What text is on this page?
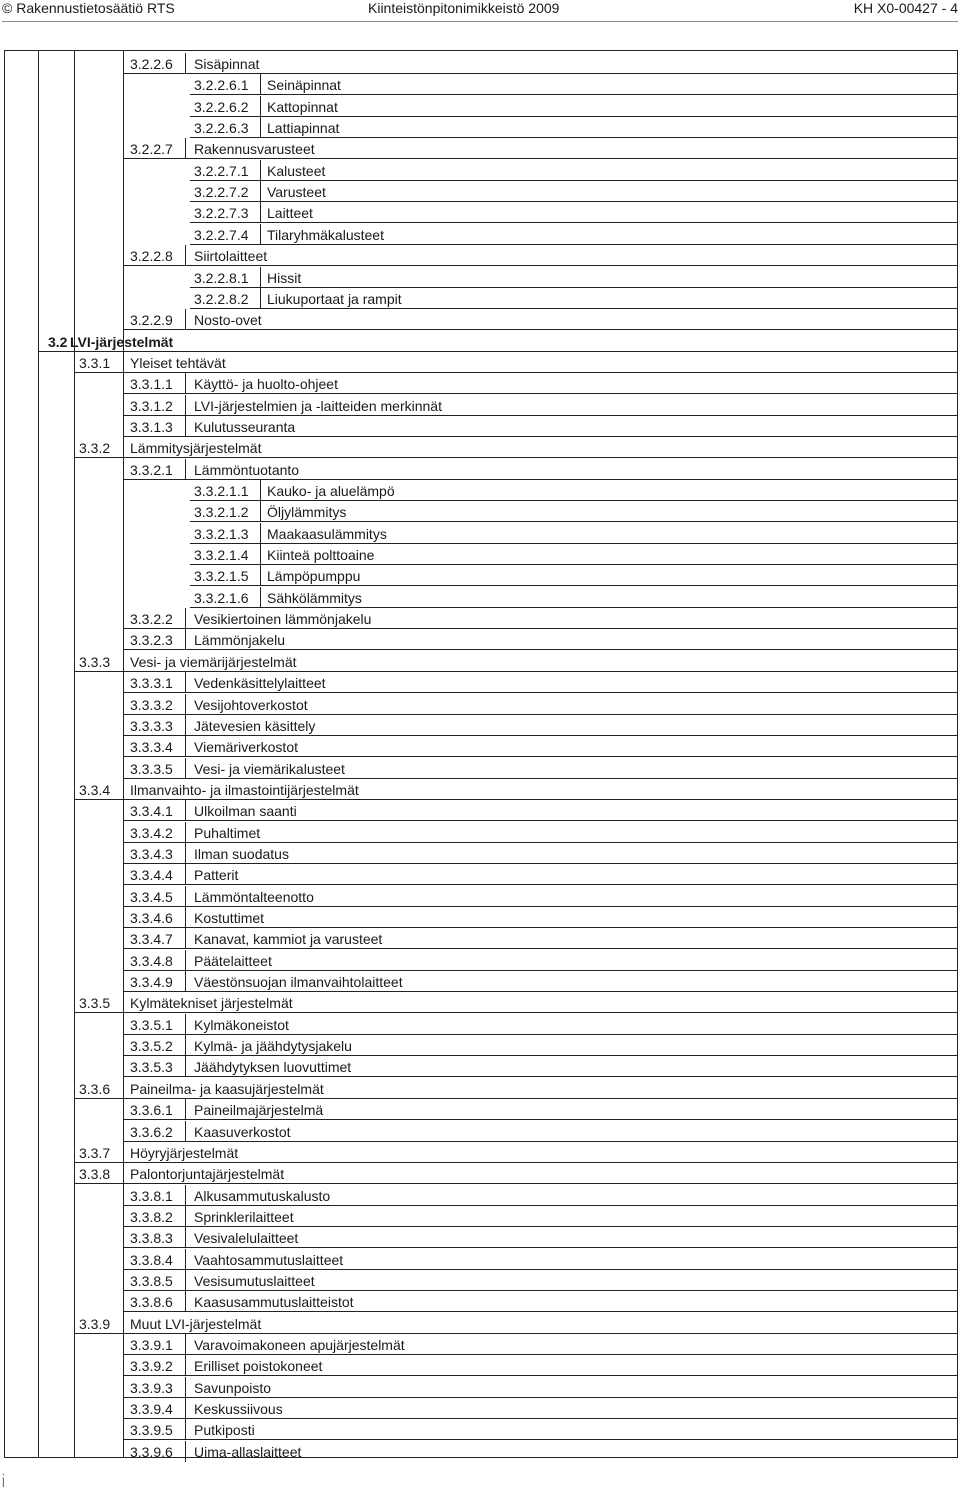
© Rakennustietosäätiö RTS	Kiinteistönpitonimikkeistö 2009	KH X0-00427 - 4
3.2.2.6 Sisäpinnat
3.2.2.6.1 Seinäpinnat
3.2.2.6.2 Kattopinnat
3.2.2.6.3 Lattiapinnat
3.2.2.7 Rakennusvarusteet
3.2.2.7.1 Kalusteet
3.2.2.7.2 Varusteet
3.2.2.7.3 Laitteet
3.2.2.7.4 Tilaryhmäkalusteet
3.2.2.8 Siirtolaitteet
3.2.2.8.1 Hissit
3.2.2.8.2 Liukuportaat ja rampit
3.2.2.9 Nosto-ovet
3.2 LVI-järjestelmät
3.3.1 Yleiset tehtävät
3.3.1.1 Käyttö- ja huolto-ohjeet
3.3.1.2 LVI-järjestelmien ja -laitteiden merkinnät
3.3.1.3 Kulutusseuranta
3.3.2 Lämmitysjärjestelmät
3.3.2.1 Lämmöntuotanto
3.3.2.1.1 Kauko- ja aluelämpö
3.3.2.1.2 Öljylämmitys
3.3.2.1.3 Maakaasulämmitys
3.3.2.1.4 Kiinteä polttoaine
3.3.2.1.5 Lämpöpumppu
3.3.2.1.6 Sähkölämmitys
3.3.2.2 Vesikiertoinen lämmönjakelu
3.3.2.3 Lämmönjakelu
3.3.3 Vesi- ja viemärijärjestelmät
3.3.3.1 Vedenkäsittelylaitteet
3.3.3.2 Vesijohtoverkostot
3.3.3.3 Jätevesien käsittely
3.3.3.4 Viemäriverkostot
3.3.3.5 Vesi- ja viemärikalusteet
3.3.4 Ilmanvaihto- ja ilmastointijärjestelmät
3.3.4.1 Ulkoilman saanti
3.3.4.2 Puhaltimet
3.3.4.3 Ilman suodatus
3.3.4.4 Patterit
3.3.4.5 Lämmöntalteenotto
3.3.4.6 Kostuttimet
3.3.4.7 Kanavat, kammiot ja varusteet
3.3.4.8 Päätelaitteet
3.3.4.9 Väestönsuojan ilmanvaihtolaitteet
3.3.5 Kylmätekniset järjestelmät
3.3.5.1 Kylmäkoneistot
3.3.5.2 Kylmä- ja jäähdytysjakelu
3.3.5.3 Jäähdytyksen luovuttimet
3.3.6 Paineilma- ja kaasujärjestelmät
3.3.6.1 Paineilmajärjestelmä
3.3.6.2 Kaasuverkostot
3.3.7 Höyryjärjestelmät
3.3.8 Palontorjuntajärjestelmät
3.3.8.1 Alkusammutuskalusto
3.3.8.2 Sprinklerilaitteet
3.3.8.3 Vesivalelulaitteet
3.3.8.4 Vaahtosammutuslaitteet
3.3.8.5 Vesisumutuslaitteet
3.3.8.6 Kaasusammutuslaitteistot
3.3.9 Muut LVI-järjestelmät
3.3.9.1 Varavoimakoneen apujärjestelmät
3.3.9.2 Erilliset poistokoneet
3.3.9.3 Savunpoisto
3.3.9.4 Keskussiivous
3.3.9.5 Putkiposti
3.3.9.6 Uima-allaslaitteet
.
|
